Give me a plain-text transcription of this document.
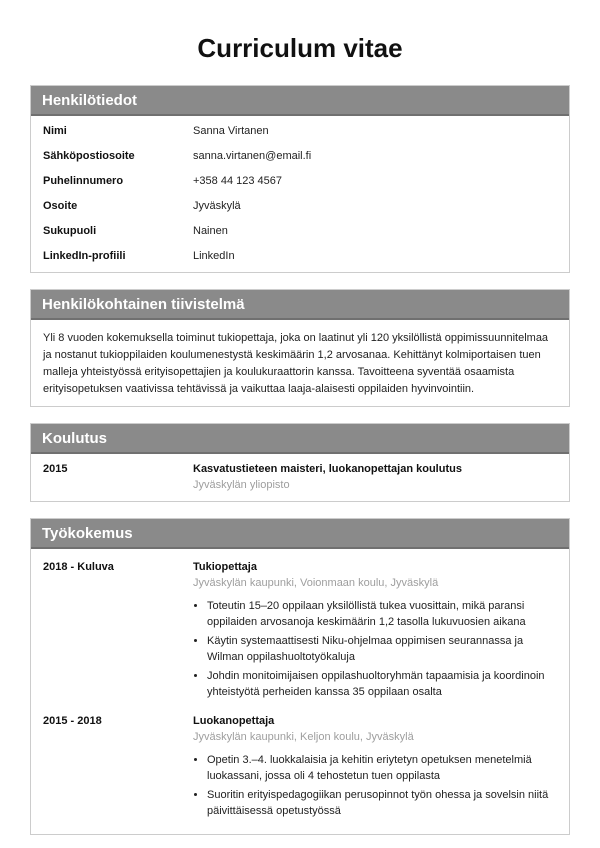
Curriculum vitae
Henkilötiedot
Nimi	Sanna Virtanen
Sähköpostiosoite	sanna.virtanen@email.fi
Puhelinnumero	+358 44 123 4567
Osoite	Jyväskylä
Sukupuoli	Nainen
LinkedIn-profiili	LinkedIn
Henkilökohtainen tiivistelmä
Yli 8 vuoden kokemuksella toiminut tukiopettaja, joka on laatinut yli 120 yksilöllistä oppimissuunnitelmaa ja nostanut tukioppilaiden koulumenestystä keskimäärin 1,2 arvosanaa. Kehittänyt kolmiportaisen tuen malleja yhteistyössä erityisopettajien ja koulukuraattorin kanssa. Tavoitteena syventää osaamista erityisopetuksen vaativissa tehtävissä ja vaikuttaa laaja-alaisesti oppilaiden hyvinvointiin.
Koulutus
2015	Kasvatustieteen maisteri, luokanopettajan koulutus
Jyväskylän yliopisto
Työkokemus
2018 - Kuluva	Tukiopettaja
Jyväskylän kaupunki, Voionmaan koulu, Jyväskylä
• Toteutin 15–20 oppilaan yksilöllistä tukea vuosittain, mikä paransi oppilaiden arvosanoja keskimäärin 1,2 tasolla lukuvuosien aikana
• Käytin systemaattisesti Niku-ohjelmaa oppimisen seurannassa ja Wilman oppilashuoltotyökaluja
• Johdin monitoimijaisen oppilashuoltoryhmän tapaamisia ja koordinoin yhteistyötä perheiden kanssa 35 oppilaan osalta
2015 - 2018	Luokanopettaja
Jyväskylän kaupunki, Keljon koulu, Jyväskylä
• Opetin 3.–4. luokkalaisia ja kehitin eriytetyn opetuksen menetelmiä luokassani, jossa oli 4 tehostetun tuen oppilasta
• Suoritin erityispedagogiikan perusopinnot työn ohessa ja sovelsin niitä päivittäisessä opetustyössä
